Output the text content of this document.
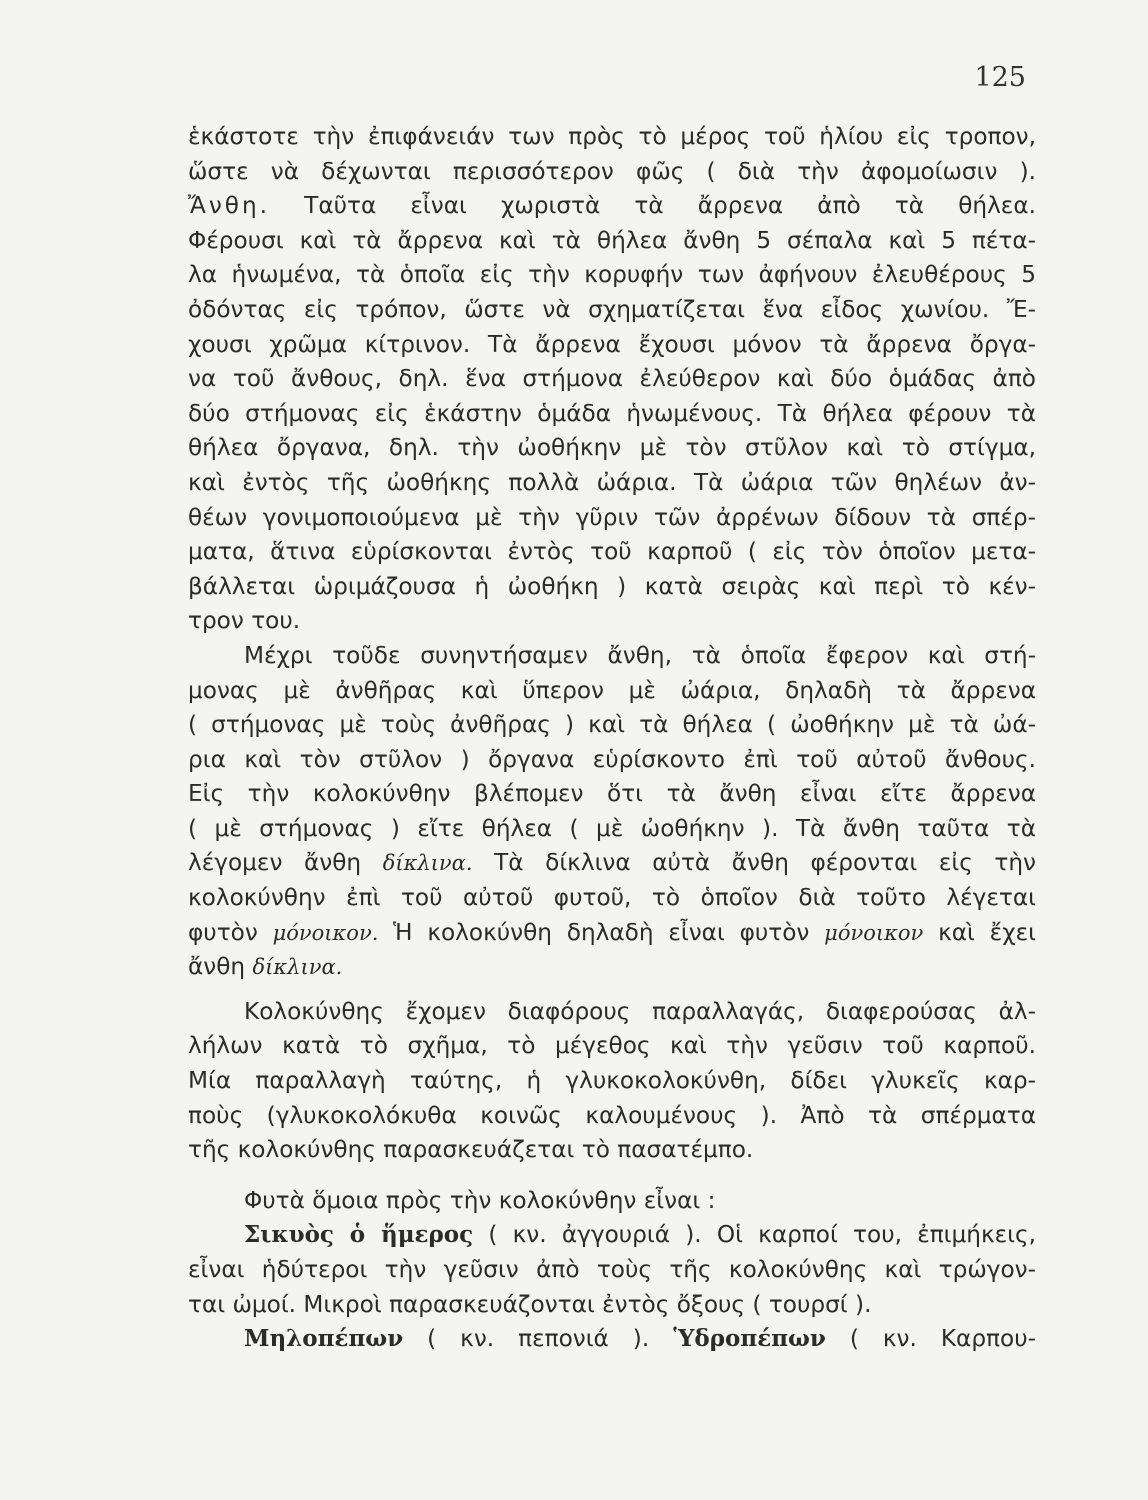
125
ἑκάστοτε τὴν ἐπιφάνειάν των πρὸς τὸ μέρος τοῦ ἡλίου εἰς τροπον,
ὥστε νὰ δέχωνται περισσότερον φῶς ( διὰ τὴν ἀφομοίωσιν ).
Ἄνθη. Ταῦτα εἶναι χωριστὰ τὰ ἄρρενα ἀπὸ τὰ θήλεα.
Φέρουσι καὶ τὰ ἄρρενα καὶ τὰ θήλεα ἄνθη 5 σέπαλα καὶ 5 πέτα-
λα ἡνωμένα, τὰ ὁποῖα εἰς τὴν κορυφήν των ἀφήνουν ἐλευθέρους 5
ὀδόντας εἰς τρόπον, ὥστε νὰ σχηματίζεται ἕνα εἶδος χωνίου. Ἔ-
χουσι χρῶμα κίτρινον. Τὰ ἄρρενα ἔχουσι μόνον τὰ ἄρρενα ὄργα-
να τοῦ ἄνθους, δηλ. ἕνα στήμονα ἐλεύθερον καὶ δύο ὁμάδας ἀπὸ
δύο στήμονας εἰς ἑκάστην ὁμάδα ἡνωμένους. Τὰ θήλεα φέρουν τὰ
θήλεα ὄργανα, δηλ. τὴν ὠοθήκην μὲ τὸν στῦλον καὶ τὸ στίγμα,
καὶ ἐντὸς τῆς ὠοθήκης πολλὰ ὠάρια. Τὰ ὠάρια τῶν θηλέων ἀν-
θέων γονιμοποιούμενα μὲ τὴν γῦριν τῶν ἀρρένων δίδουν τὰ σπέρ-
ματα, ἅτινα εὑρίσκονται ἐντὸς τοῦ καρποῦ ( εἰς τὸν ὁποῖον μετα-
βάλλεται ὡριμάζουσα ἡ ὠοθήκη ) κατὰ σειρὰς καὶ περὶ τὸ κέν-
τρον του.
Μέχρι τοῦδε συνηντήσαμεν ἄνθη, τὰ ὁποῖα ἔφερον καὶ στή-
μονας μὲ ἀνθῆρας καὶ ὕπερον μὲ ὠάρια, δηλαδὴ τὰ ἄρρενα
( στήμονας μὲ τοὺς ἀνθῆρας ) καὶ τὰ θήλεα ( ὠοθήκην μὲ τὰ ὠά-
ρια καὶ τὸν στῦλον ) ὄργανα εὑρίσκοντο ἐπὶ τοῦ αὐτοῦ ἄνθους.
Εἰς τὴν κολοκύνθην βλέπομεν ὅτι τὰ ἄνθη εἶναι εἴτε ἄρρενα
( μὲ στήμονας ) εἴτε θήλεα ( μὲ ὠοθήκην ). Τὰ ἄνθη ταῦτα τὰ
λέγομεν ἄνθη δίκλινα. Τὰ δίκλινα αὐτὰ ἄνθη φέρονται εἰς τὴν
κολοκύνθην ἐπὶ τοῦ αὐτοῦ φυτοῦ, τὸ ὁποῖον διὰ τοῦτο λέγεται
φυτὸν μόνοικον. Ἡ κολοκύνθη δηλαδὴ εἶναι φυτὸν μόνοικον καὶ ἔχει
ἄνθη δίκλινα.
Κολοκύνθης ἔχομεν διαφόρους παραλλαγάς, διαφερούσας ἀλ-
λήλων κατὰ τὸ σχῆμα, τὸ μέγεθος καὶ τὴν γεῦσιν τοῦ καρποῦ.
Μία παραλλαγὴ ταύτης, ἡ γλυκοκολοκύνθη, δίδει γλυκεῖς καρ-
ποὺς (γλυκοκολόκυθα κοινῶς καλουμένους ). Ἀπὸ τὰ σπέρματα
τῆς κολοκύνθης παρασκευάζεται τὸ πασατέμπο.
Φυτὰ ὅμοια πρὸς τὴν κολοκύνθην εἶναι :
Σικυὸς ὁ ἥμερος ( κν. ἀγγουριά ). Οἱ καρποί του, ἐπιμήκεις,
εἶναι ἡδύτεροι τὴν γεῦσιν ἀπὸ τοὺς τῆς κολοκύνθης καὶ τρώγον-
ται ὠμοί. Μικροὶ παρασκευάζονται ἐντὸς ὄξους ( τουρσί ).
Μηλοπέπων ( κν. πεπονιά ). Ὑδροπέπων ( κν. Καρπου-
